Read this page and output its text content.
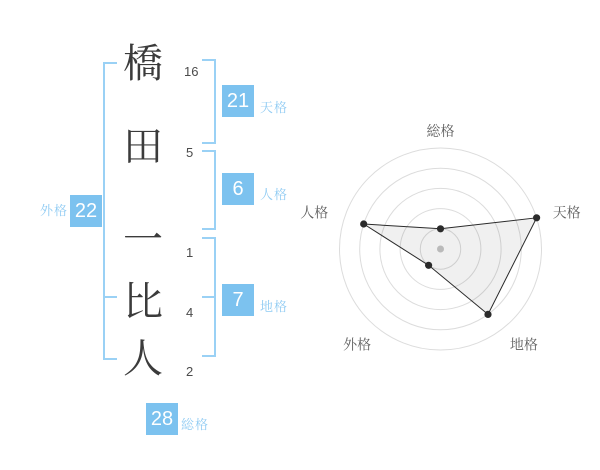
橋
田
一
比
人
16
5
1
4
2
21 天格
6	人格
7	地格
外格 22
28 総格
総格
天格
地格
外格
人格
